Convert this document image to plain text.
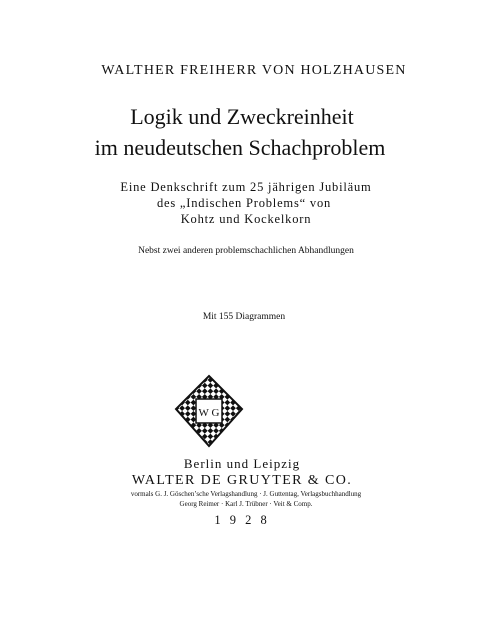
WALTHER FREIHERR VON HOLZHAUSEN
Logik und Zweckreinheit
im neudeutschen Schachproblem
Eine Denkschrift zum 25 jährigen Jubiläum
des „Indischen Problems“ von
Kohtz und Kockelkorn
Nebst zwei anderen problemschachlichen Abhandlungen
Mit 155 Diagrammen
W G
Berlin und Leipzig
WALTER DE GRUYTER & CO.
vormals G. J. Göschen’sche Verlagshandlung · J. Guttentag, Verlagsbuchhandlung
Georg Reimer · Karl J. Trübner · Veit & Comp.
1 9 2 8
